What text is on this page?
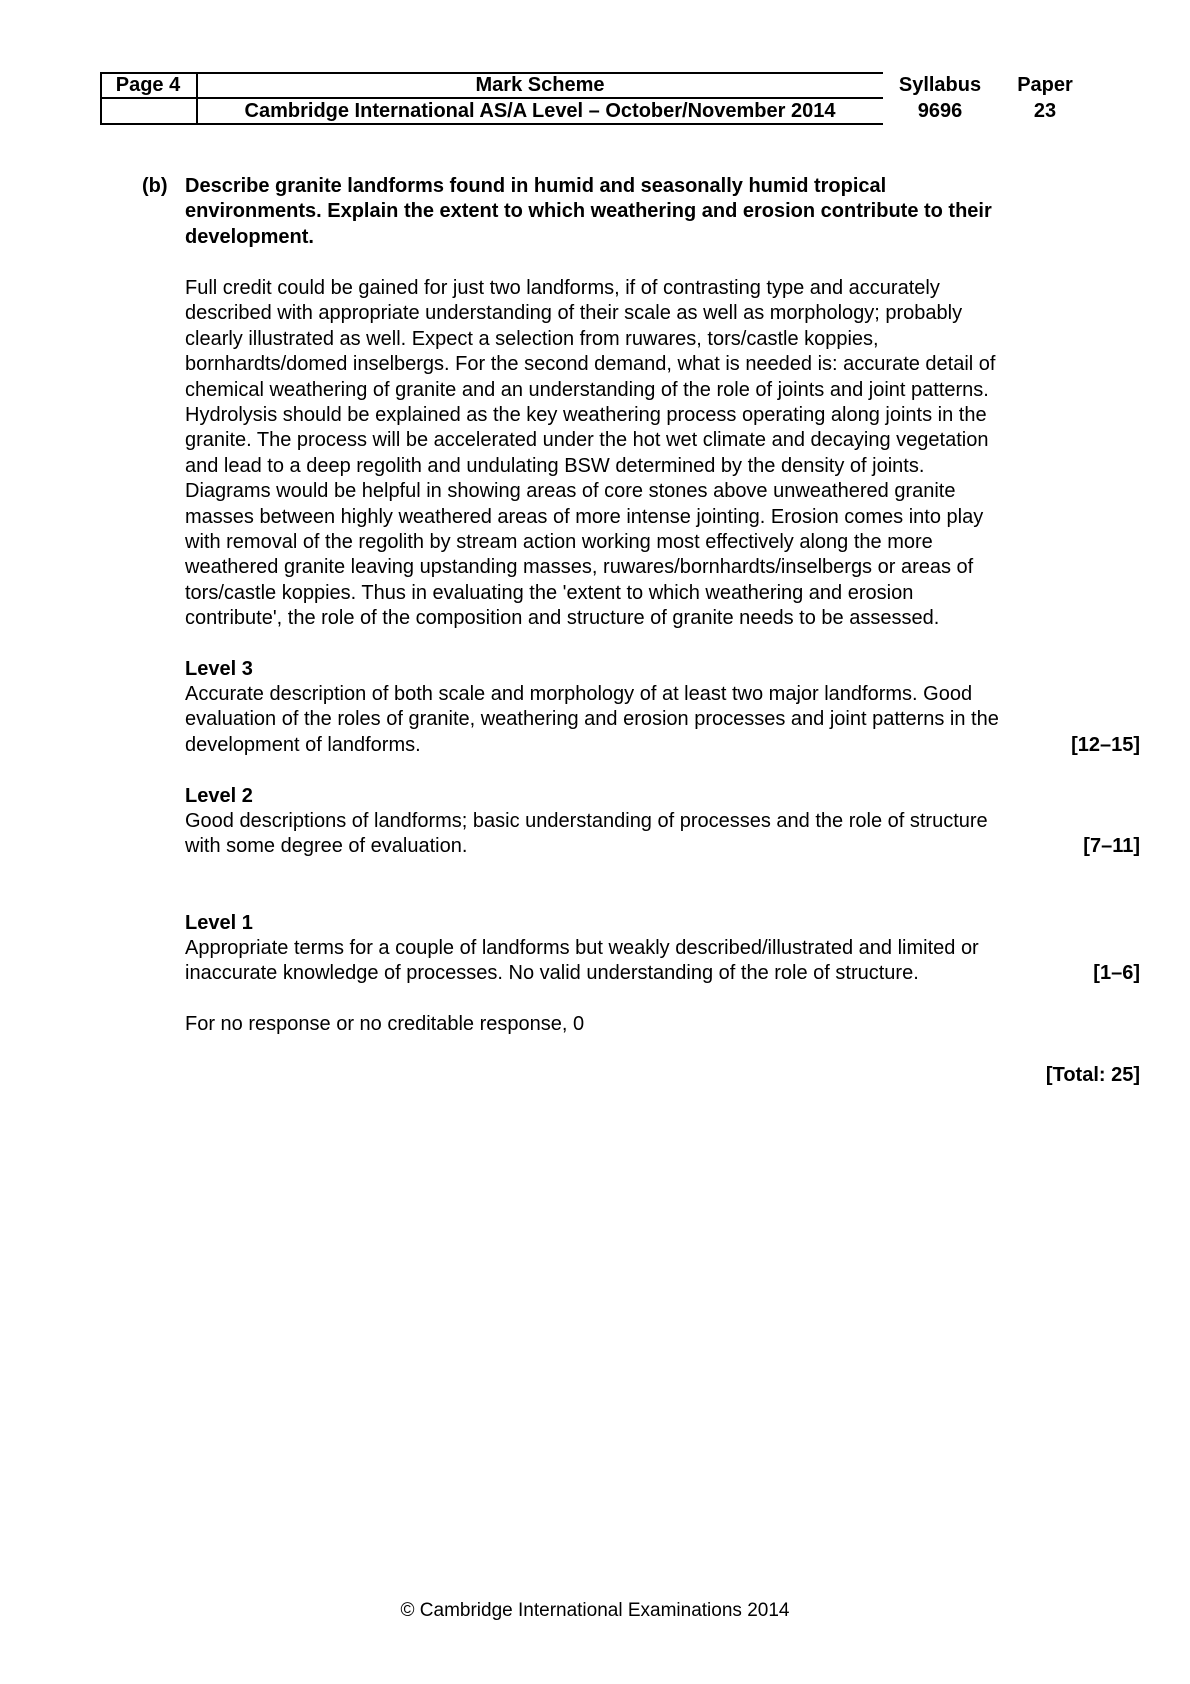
Page 4	Mark Scheme
Cambridge International AS/A Level – October/November 2014
Syllabus
9696
Paper
23
(b) Describe granite landforms found in humid and seasonally humid tropical
environments. Explain the extent to which weathering and erosion contribute to their
development.
Full credit could be gained for just two landforms, if of contrasting type and accurately
described with appropriate understanding of their scale as well as morphology; probably
clearly illustrated as well. Expect a selection from ruwares, tors/castle koppies,
bornhardts/domed inselbergs. For the second demand, what is needed is: accurate detail of
chemical weathering of granite and an understanding of the role of joints and joint patterns.
Hydrolysis should be explained as the key weathering process operating along joints in the
granite. The process will be accelerated under the hot wet climate and decaying vegetation
and lead to a deep regolith and undulating BSW determined by the density of joints.
Diagrams would be helpful in showing areas of core stones above unweathered granite
masses between highly weathered areas of more intense jointing. Erosion comes into play
with removal of the regolith by stream action working most effectively along the more
weathered granite leaving upstanding masses, ruwares/bornhardts/inselbergs or areas of
tors/castle koppies. Thus in evaluating the 'extent to which weathering and erosion
contribute', the role of the composition and structure of granite needs to be assessed.
Level 3
Accurate description of both scale and morphology of at least two major landforms. Good
evaluation of the roles of granite, weathering and erosion processes and joint patterns in the
development of landforms.	[12–15]
Level 2
Good descriptions of landforms; basic understanding of processes and the role of structure
with some degree of evaluation.	[7–11]
Level 1
Appropriate terms for a couple of landforms but weakly described/illustrated and limited or
inaccurate knowledge of processes. No valid understanding of the role of structure.	[1–6]
For no response or no creditable response, 0
[Total: 25]
© Cambridge International Examinations 2014
